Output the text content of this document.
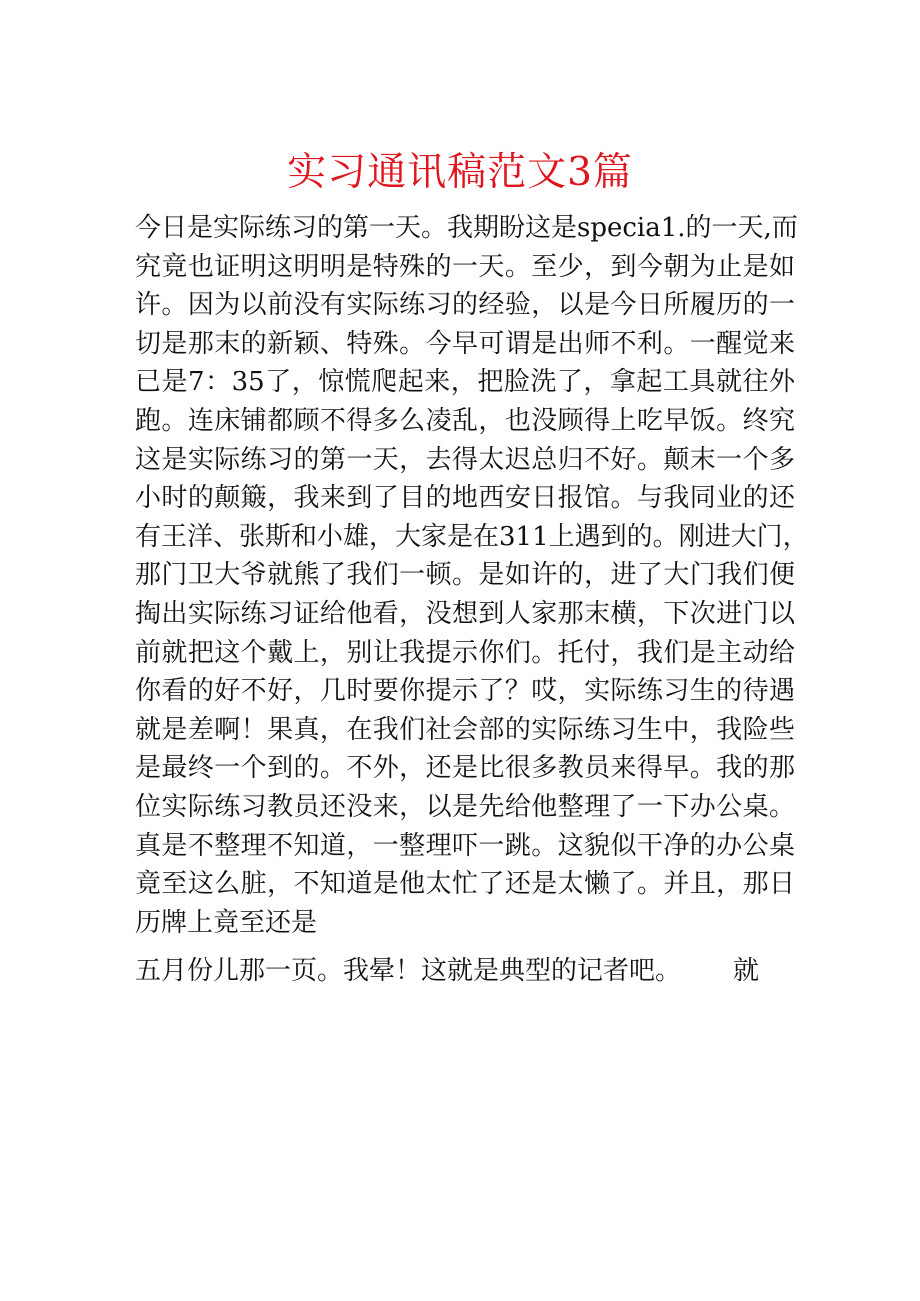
实习通讯稿范文3篇
今日是实际练习的第一天。我期盼这是specia1.的一天,而
究竟也证明这明明是特殊的一天。至少，到今朝为止是如
许。因为以前没有实际练习的经验，以是今日所履历的一
切是那末的新颖、特殊。今早可谓是出师不利。一醒觉来
已是7：35了，惊慌爬起来，把脸洗了，拿起工具就往外
跑。连床铺都顾不得多么凌乱，也没顾得上吃早饭。终究
这是实际练习的第一天，去得太迟总归不好。颠末一个多
小时的颠簸，我来到了目的地西安日报馆。与我同业的还
有王洋、张斯和小雄，大家是在311上遇到的。刚进大门，
那门卫大爷就熊了我们一顿。是如许的，进了大门我们便
掏出实际练习证给他看，没想到人家那末横，下次进门以
前就把这个戴上，别让我提示你们。托付，我们是主动给
你看的好不好，几时要你提示了？哎，实际练习生的待遇
就是差啊！果真，在我们社会部的实际练习生中，我险些
是最终一个到的。不外，还是比很多教员来得早。我的那
位实际练习教员还没来，以是先给他整理了一下办公桌。
真是不整理不知道，一整理吓一跳。这貌似干净的办公桌
竟至这么脏，不知道是他太忙了还是太懒了。并且，那日
历牌上竟至还是
五月份儿那一页。我晕！这就是典型的记者吧。 就
